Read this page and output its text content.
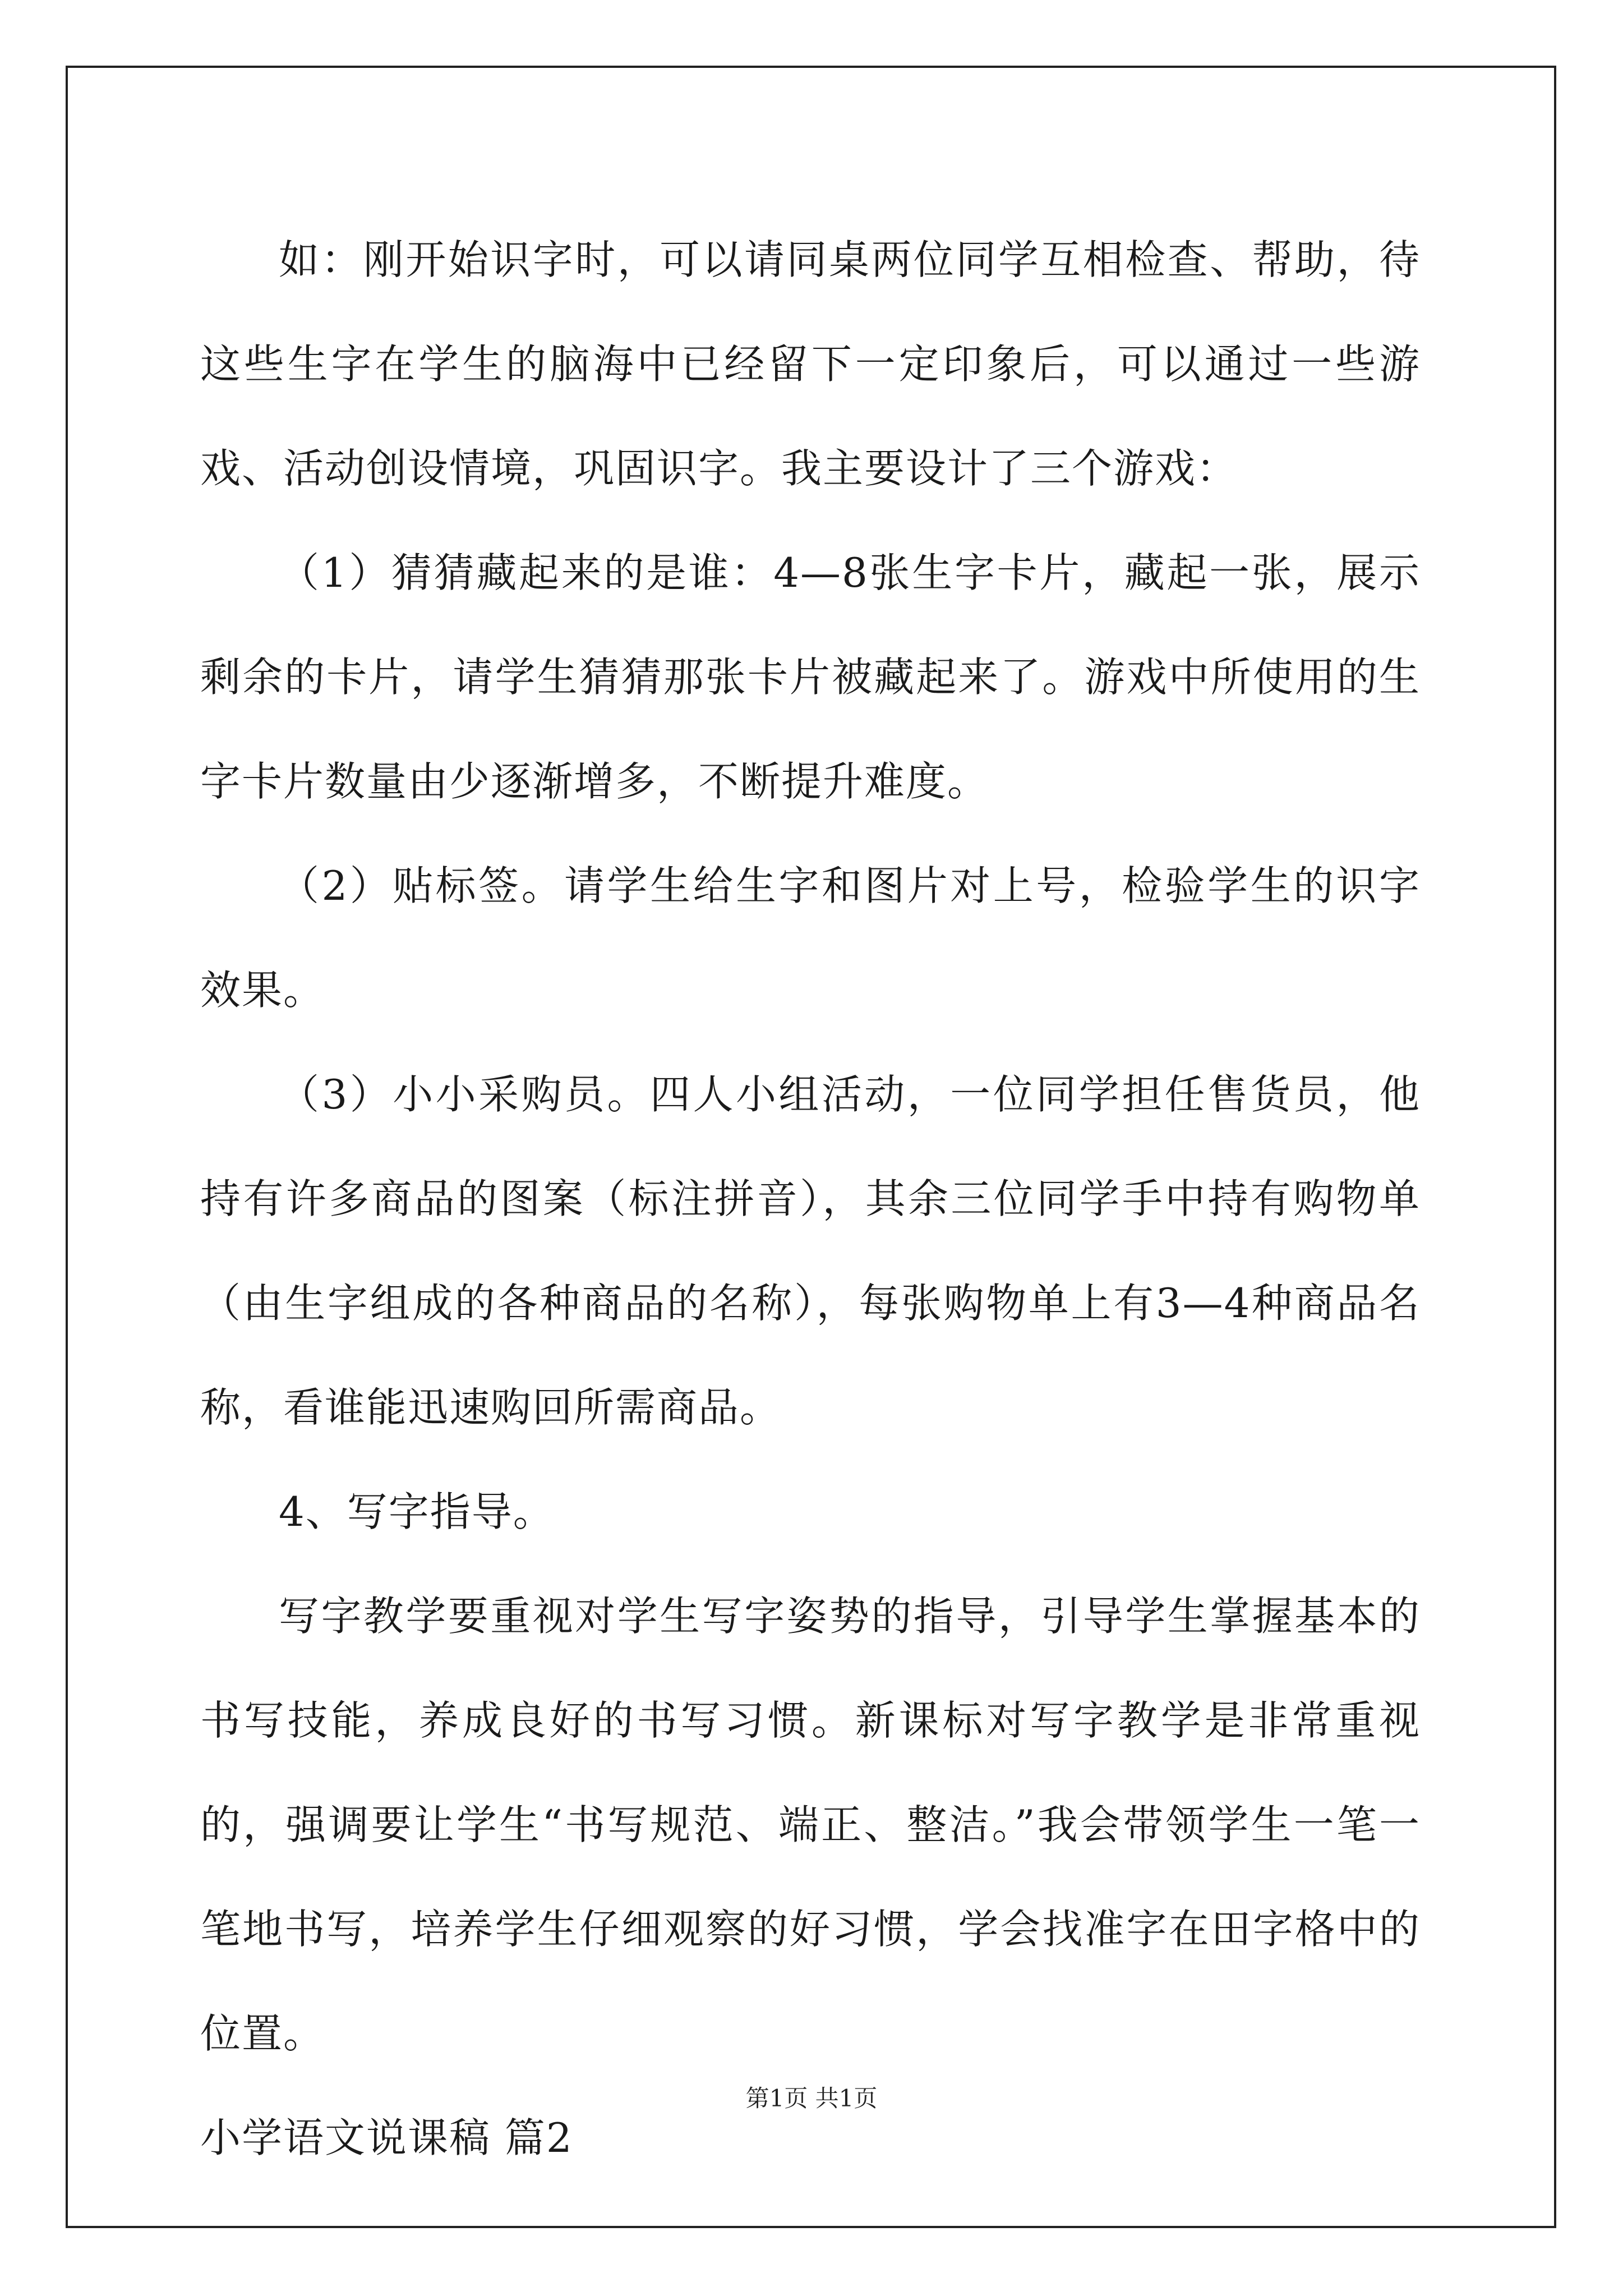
如：刚开始识字时，可以请同桌两位同学互相检查、帮助，待这些生字在学生的脑海中已经留下一定印象后，可以通过一些游戏、活动创设情境，巩固识字。我主要设计了三个游戏：

（1）猜猜藏起来的是谁：4—8张生字卡片，藏起一张，展示剩余的卡片，请学生猜猜那张卡片被藏起来了。游戏中所使用的生字卡片数量由少逐渐增多，不断提升难度。

（2）贴标签。请学生给生字和图片对上号，检验学生的识字效果。

（3）小小采购员。四人小组活动，一位同学担任售货员，他持有许多商品的图案（标注拼音），其余三位同学手中持有购物单（由生字组成的各种商品的名称），每张购物单上有3—4种商品名称，看谁能迅速购回所需商品。

4、写字指导。

写字教学要重视对学生写字姿势的指导，引导学生掌握基本的书写技能，养成良好的书写习惯。新课标对写字教学是非常重视的，强调要让学生“书写规范、端正、整洁。”我会带领学生一笔一笔地书写，培养学生仔细观察的好习惯，学会找准字在田字格中的位置。

小学语文说课稿 篇2

第1页 共1页
